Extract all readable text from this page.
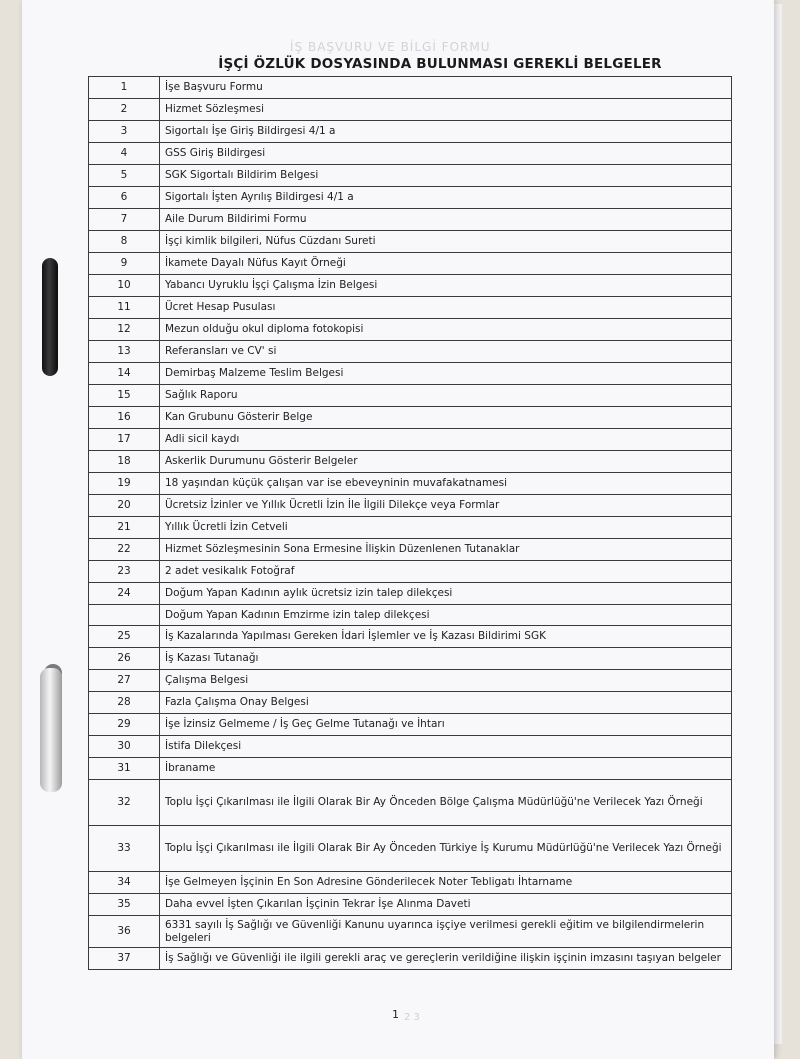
İŞ BAŞVURU VE BİLGİ FORMU
İŞÇİ ÖZLÜK DOSYASINDA BULUNMASI GEREKLİ BELGELER
1	İşe Başvuru Formu
2	Hizmet Sözleşmesi
3	Sigortalı İşe Giriş Bildirgesi 4/1 a
4	GSS Giriş Bildirgesi
5	SGK Sigortalı Bildirim Belgesi
6	Sigortalı İşten Ayrılış Bildirgesi 4/1 a
7	Aile Durum Bildirimi Formu
8	İşçi kimlik bilgileri, Nüfus Cüzdanı Sureti
9	İkamete Dayalı Nüfus Kayıt Örneği
10	Yabancı Uyruklu İşçi Çalışma İzin Belgesi
11	Ücret Hesap Pusulası
12	Mezun olduğu okul diploma fotokopisi
13	Referansları ve CV' si
14	Demirbaş Malzeme Teslim Belgesi
15	Sağlık Raporu
16	Kan Grubunu Gösterir Belge
17	Adli sicil kaydı
18	Askerlik Durumunu Gösterir Belgeler
19	18 yaşından küçük çalışan var ise ebeveyninin muvafakatnamesi
20	Ücretsiz İzinler ve Yıllık Ücretli İzin İle İlgili Dilekçe veya Formlar
21	Yıllık Ücretli İzin Cetveli
22	Hizmet Sözleşmesinin Sona Ermesine İlişkin Düzenlenen Tutanaklar
23	2 adet vesikalık Fotoğraf
24	Doğum Yapan Kadının aylık ücretsiz izin talep dilekçesi
	Doğum Yapan Kadının Emzirme izin talep dilekçesi
25	İş Kazalarında Yapılması Gereken İdari İşlemler ve İş Kazası Bildirimi SGK
26	İş Kazası Tutanağı
27	Çalışma Belgesi
28	Fazla Çalışma Onay Belgesi
29	İşe İzinsiz Gelmeme / İş Geç Gelme Tutanağı ve İhtarı
30	İstifa Dilekçesi
31	İbraname
32	Toplu İşçi Çıkarılması ile İlgili Olarak Bir Ay Önceden Bölge Çalışma Müdürlüğü'ne Verilecek Yazı Örneği
33	Toplu İşçi Çıkarılması ile İlgili Olarak Bir Ay Önceden Türkiye İş Kurumu Müdürlüğü'ne Verilecek Yazı Örneği
34	İşe Gelmeyen İşçinin En Son Adresine Gönderilecek Noter Tebligatı İhtarname
35	Daha evvel İşten Çıkarılan İşçinin Tekrar İşe Alınma Daveti
36	6331 sayılı İş Sağlığı ve Güvenliği Kanunu uyarınca işçiye verilmesi gerekli eğitim ve bilgilendirmelerin belgeleri
37	İş Sağlığı ve Güvenliği ile ilgili gerekli araç ve gereçlerin verildiğine ilişkin işçinin imzasını taşıyan belgeler
1 2 3
